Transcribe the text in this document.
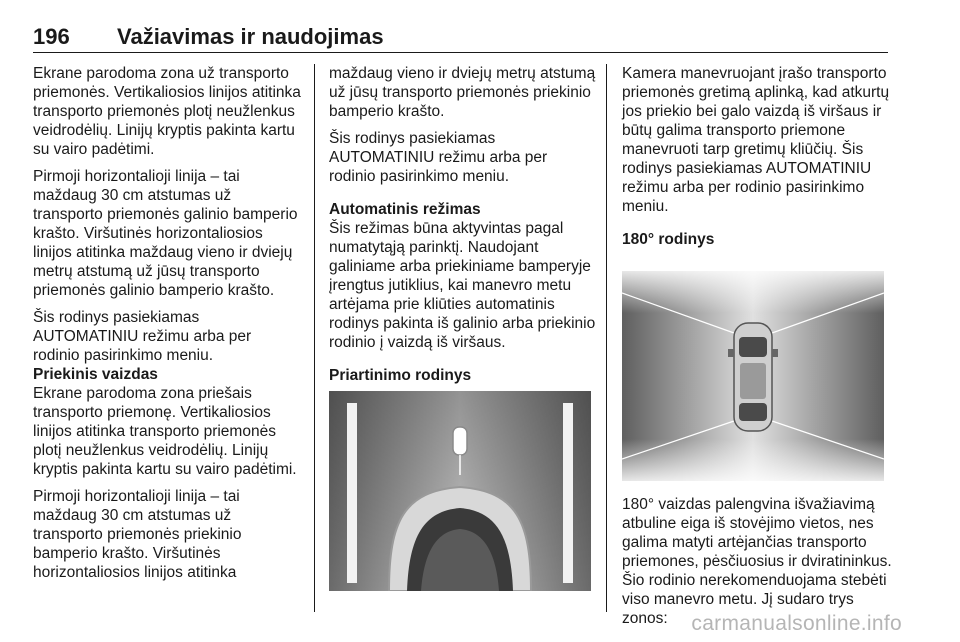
196 Važiavimas ir naudojimas

Ekrane parodoma zona už transporto priemonės. Vertikaliosios linijos atitinka transporto priemonės plotį neužlenkus veidrodėlių. Linijų kryptis pakinta kartu su vairo padėtimi.

Pirmoji horizontalioji linija – tai maždaug 30 cm atstumas už transporto priemonės galinio bamperio krašto. Viršutinės horizontaliosios linijos atitinka maždaug vieno ir dviejų metrų atstumą už jūsų transporto priemonės galinio bamperio krašto.

Šis rodinys pasiekiamas AUTOMATINIU režimu arba per rodinio pasirinkimo meniu.

Priekinis vaizdas

Ekrane parodoma zona priešais transporto priemonę. Vertikaliosios linijos atitinka transporto priemonės plotį neužlenkus veidrodėlių. Linijų kryptis pakinta kartu su vairo padėtimi.

Pirmoji horizontalioji linija – tai maždaug 30 cm atstumas už transporto priemonės priekinio bamperio krašto. Viršutinės horizontaliosios linijos atitinka

maždaug vieno ir dviejų metrų atstumą už jūsų transporto priemonės priekinio bamperio krašto.

Šis rodinys pasiekiamas AUTOMATINIU režimu arba per rodinio pasirinkimo meniu.

Automatinis režimas

Šis režimas būna aktyvintas pagal numatytąją parinktį. Naudojant galiniame arba priekiniame bamperyje įrengtus jutiklius, kai manevro metu artėjama prie kliūties automatinis rodinys pakinta iš galinio arba priekinio rodinio į vaizdą iš viršaus.

Priartinimo rodinys

Kamera manevruojant įrašo transporto priemonės gretimą aplinką, kad atkurtų jos priekio bei galo vaizdą iš viršaus ir būtų galima transporto priemone manevruoti tarp gretimų kliūčių. Šis rodinys pasiekiamas AUTOMATINIU režimu arba per rodinio pasirinkimo meniu.

180° rodinys

180° vaizdas palengvina išvažiavimą atbuline eiga iš stovėjimo vietos, nes galima matyti artėjančias transporto priemones, pėsčiuosius ir dviratininkus. Šio rodinio nerekomenduojama stebėti viso manevro metu. Jį sudaro trys zonos:	carmanualsonline.info
